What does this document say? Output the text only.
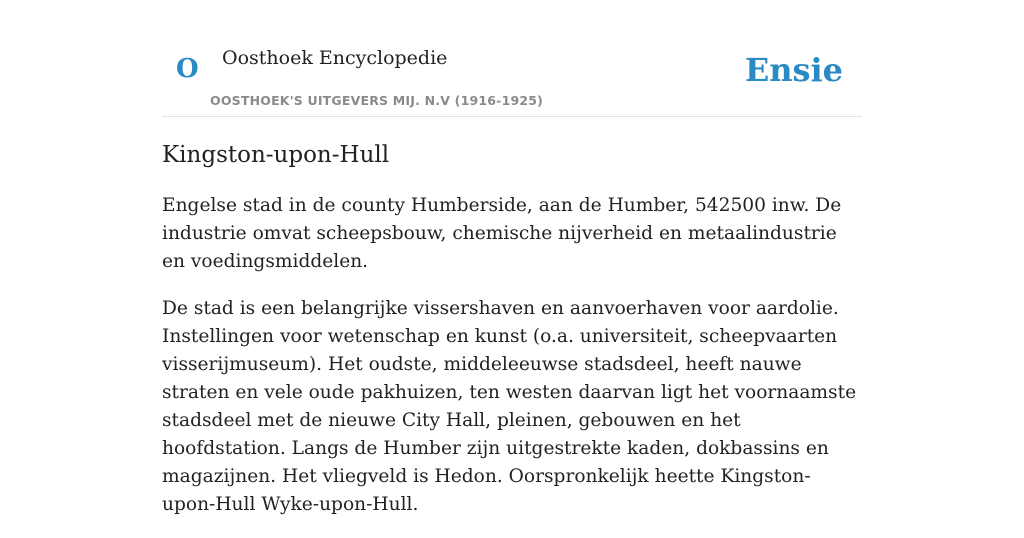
O Oosthoek Encyclopedie
OOSTHOEK'S UITGEVERS MIJ. N.V (1916-1925)
Ensie
Kingston-upon-Hull

Engelse stad in de county Humberside, aan de Humber, 542500 inw. De industrie omvat scheepsbouw, chemische nijverheid en metaalindustrie en voedingsmiddelen.

De stad is een belangrijke vissershaven en aanvoerhaven voor aardolie. Instellingen voor wetenschap en kunst (o.a. universiteit, scheepvaarten visserijmuseum). Het oudste, middeleeuwse stadsdeel, heeft nauwe straten en vele oude pakhuizen, ten westen daarvan ligt het voornaamste stadsdeel met de nieuwe City Hall, pleinen, gebouwen en het hoofdstation. Langs de Humber zijn uitgestrekte kaden, dokbassins en magazijnen. Het vliegveld is Hedon. Oorspronkelijk heette Kingston-upon-Hull Wyke-upon-Hull.
